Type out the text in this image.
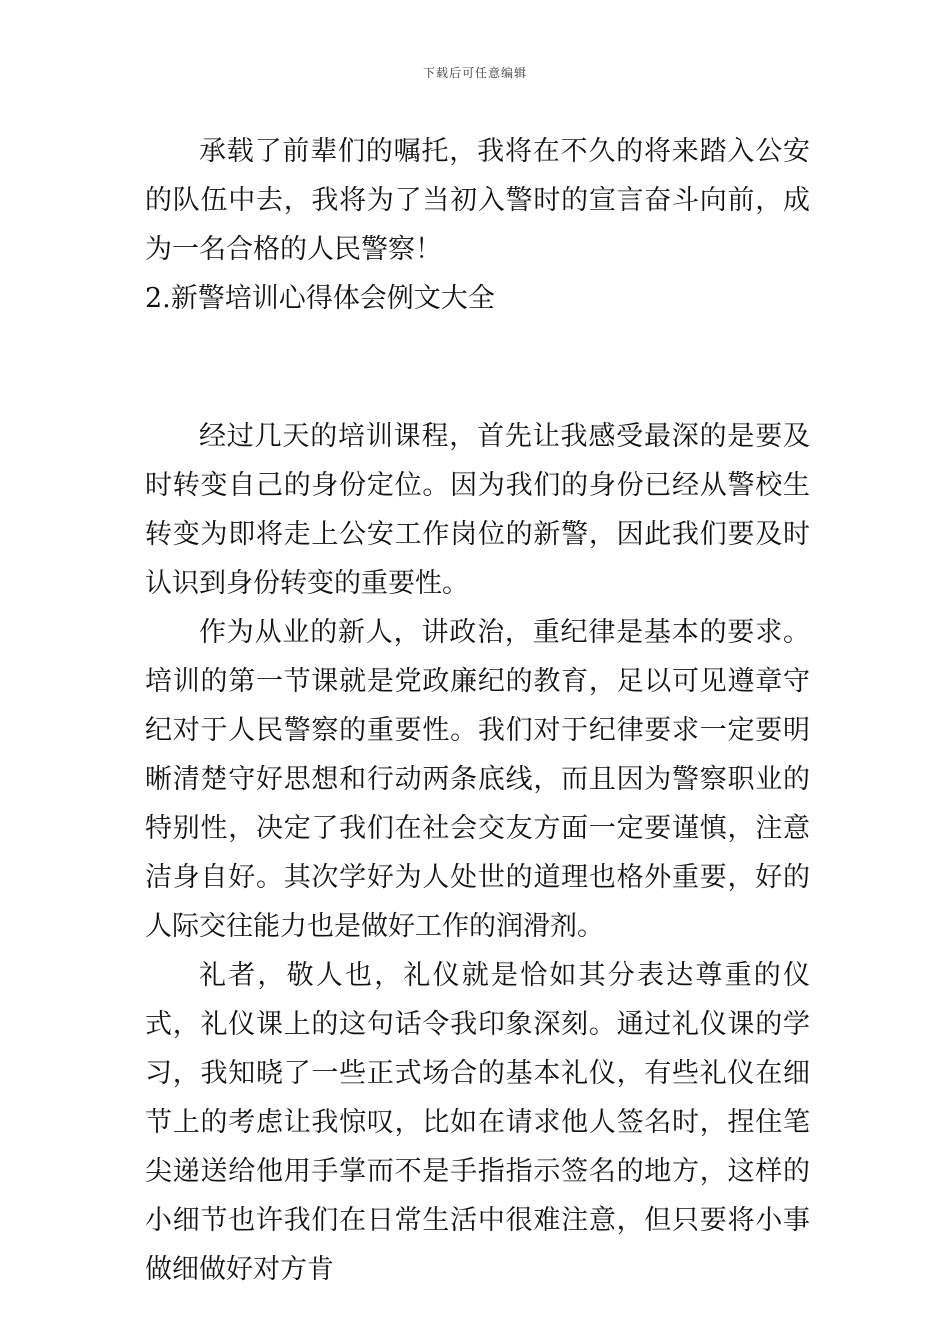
下载后可任意编辑

承载了前辈们的嘱托，我将在不久的将来踏入公安的队伍中去，我将为了当初入警时的宣言奋斗向前，成为一名合格的人民警察！

2.新警培训心得体会例文大全

经过几天的培训课程，首先让我感受最深的是要及时转变自己的身份定位。因为我们的身份已经从警校生转变为即将走上公安工作岗位的新警，因此我们要及时认识到身份转变的重要性。

作为从业的新人，讲政治，重纪律是基本的要求。培训的第一节课就是党政廉纪的教育，足以可见遵章守纪对于人民警察的重要性。我们对于纪律要求一定要明晰清楚守好思想和行动两条底线，而且因为警察职业的特别性，决定了我们在社会交友方面一定要谨慎，注意洁身自好。其次学好为人处世的道理也格外重要，好的人际交往能力也是做好工作的润滑剂。

礼者，敬人也，礼仪就是恰如其分表达尊重的仪式，礼仪课上的这句话令我印象深刻。通过礼仪课的学习，我知晓了一些正式场合的基本礼仪，有些礼仪在细节上的考虑让我惊叹，比如在请求他人签名时，捏住笔尖递送给他用手掌而不是手指指示签名的地方，这样的小细节也许我们在日常生活中很难注意，但只要将小事做细做好对方肯
